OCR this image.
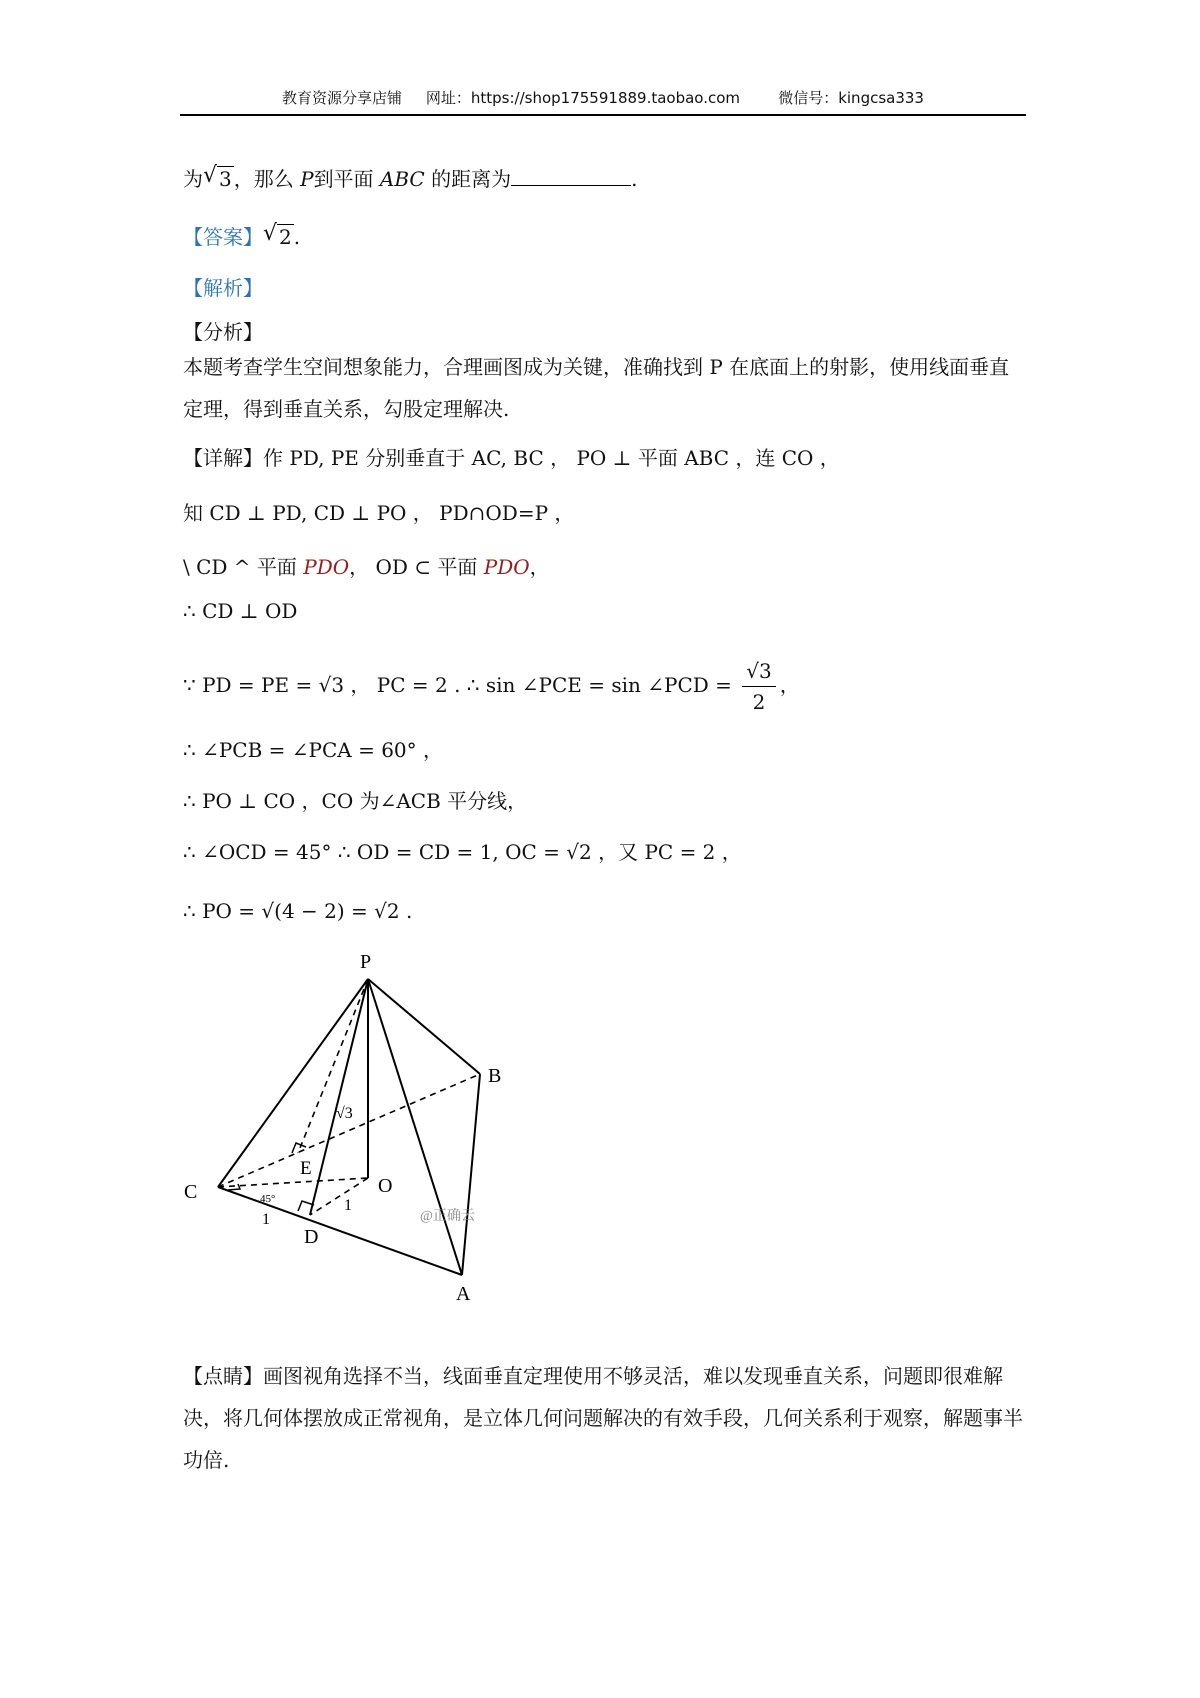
教育资源分享店铺 网址：https://shop175591889.taobao.com	微信号：kingcsa333
为 √ 3 ，那么 P到平面 ABC 的距离为	.
【答案】 √ 2 .
【解析】
【分析】
本题考查学生空间想象能力，合理画图成为关键，准确找到 P 在底面上的射影，使用线面垂直定理，得到垂直关系，勾股定理解决.
【详解】作 PD, PE 分别垂直于 AC, BC ， PO ⊥ 平面 ABC ，连 CO ，
知 CD ⊥ PD, CD ⊥ PO ， PD∩OD=P ，
\ CD ^ 平面 PDO， OD ⊂ 平面 PDO，
∴ CD ⊥ OD
∵ PD = PE = √3 ， PC = 2 . ∴ sin ∠PCE = sin ∠PCD = $\frac{√3}{2}$ ，
∴ ∠PCB = ∠PCA = 60° ，
∴ PO ⊥ CO ，CO 为∠ACB 平分线，
∴ ∠OCD = 45° ∴ OD = CD = 1, OC = √2 ，又 PC = 2 ，
∴ PO = √(4 − 2) = √2 .
P
B
C	O
E
D
A
√3
45°
1
1
@正确云
【点睛】画图视角选择不当，线面垂直定理使用不够灵活，难以发现垂直关系，问题即很难解决，将几何体摆放成正常视角，是立体几何问题解决的有效手段，几何关系利于观察，解题事半功倍.
